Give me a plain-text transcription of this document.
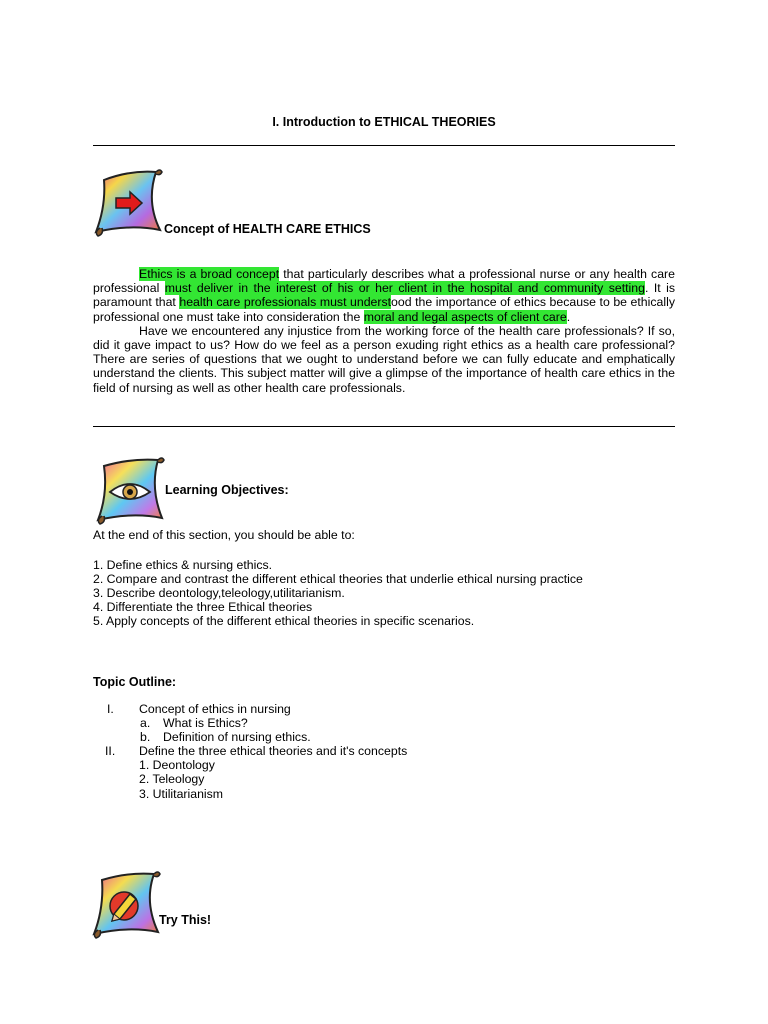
I. Introduction to ETHICAL THEORIES
Concept of HEALTH CARE ETHICS

Ethics is a broad concept that particularly describes what a professional nurse or any health care professional must deliver in the interest of his or her client in the hospital and community setting. It is paramount that health care professionals must understood the importance of ethics because to be ethically professional one must take into consideration the moral and legal aspects of client care.

Have we encountered any injustice from the working force of the health care professionals? If so, did it gave impact to us? How do we feel as a person exuding right ethics as a health care professional? There are series of questions that we ought to understand before we can fully educate and emphatically understand the clients. This subject matter will give a glimpse of the importance of health care ethics in the field of nursing as well as other health care professionals.

Learning Objectives:
At the end of this section, you should be able to:
1. Define ethics & nursing ethics.
2. Compare and contrast the different ethical theories that underlie ethical nursing practice
3. Describe deontology,teleology,utilitarianism.
4. Differentiate the three Ethical theories
5. Apply concepts of the different ethical theories in specific scenarios.
Topic Outline:
I. Concept of ethics in nursing
a. What is Ethics?
b. Definition of nursing ethics.
II. Define the three ethical theories and it's concepts
1. Deontology
2. Teleology
3. Utilitarianism
Try This!
